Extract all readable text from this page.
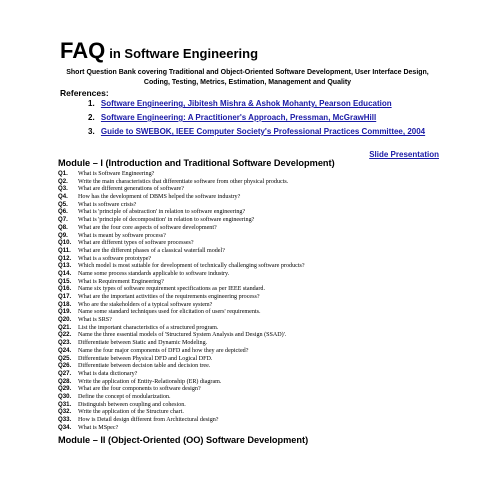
FAQ in Software Engineering
Short Question Bank covering Traditional and Object-Oriented Software Development, User Interface Design, Coding, Testing, Metrics, Estimation, Management and Quality
References:
1. Software Engineering, Jibitesh Mishra & Ashok Mohanty, Pearson Education
2. Software Engineering: A Practitioner's Approach, Pressman, McGrawHill
3. Guide to SWEBOK, IEEE Computer Society's Professional Practices Committee, 2004
Slide Presentation
Module – I (Introduction and Traditional Software Development)
Q1. What is Software Engineering?
Q2. Write the main characteristics that differentiate software from other physical products.
Q3. What are different generations of software?
Q4. How has the development of DBMS helped the software industry?
Q5. What is software crisis?
Q6. What is 'principle of abstraction' in relation to software engineering?
Q7. What is 'principle of decomposition' in relation to software engineering?
Q8. What are the four core aspects of software development?
Q9. What is meant by software process?
Q10. What are different types of software processes?
Q11. What are the different phases of a classical waterfall model?
Q12. What is a software prototype?
Q13. Which model is most suitable for development of technically challenging software products?
Q14. Name some process standards applicable to software industry.
Q15. What is Requirement Engineering?
Q16. Name six types of software requirement specifications as per IEEE standard.
Q17. What are the important activities of the requirements engineering process?
Q18. Who are the stakeholders of a typical software system?
Q19. Name some standard techniques used for elicitation of users' requirements.
Q20. What is SRS?
Q21. List the important characteristics of a structured program.
Q22. Name the three essential models of 'Structured System Analysis and Design (SSAD)'.
Q23. Differentiate between Static and Dynamic Modeling.
Q24. Name the four major components of DFD and how they are depicted?
Q25. Differentiate between Physical DFD and Logical DFD.
Q26. Differentiate between decision table and decision tree.
Q27. What is data dictionary?
Q28. Write the application of Entity-Relationship (ER) diagram.
Q29. What are the four components to software design?
Q30. Define the concept of modularization.
Q31. Distinguish between coupling and cohesion.
Q32. Write the application of the Structure chart.
Q33. How is Detail design different from Architectural design?
Q34. What is MSpec?
Module – II (Object-Oriented (OO) Software Development)
